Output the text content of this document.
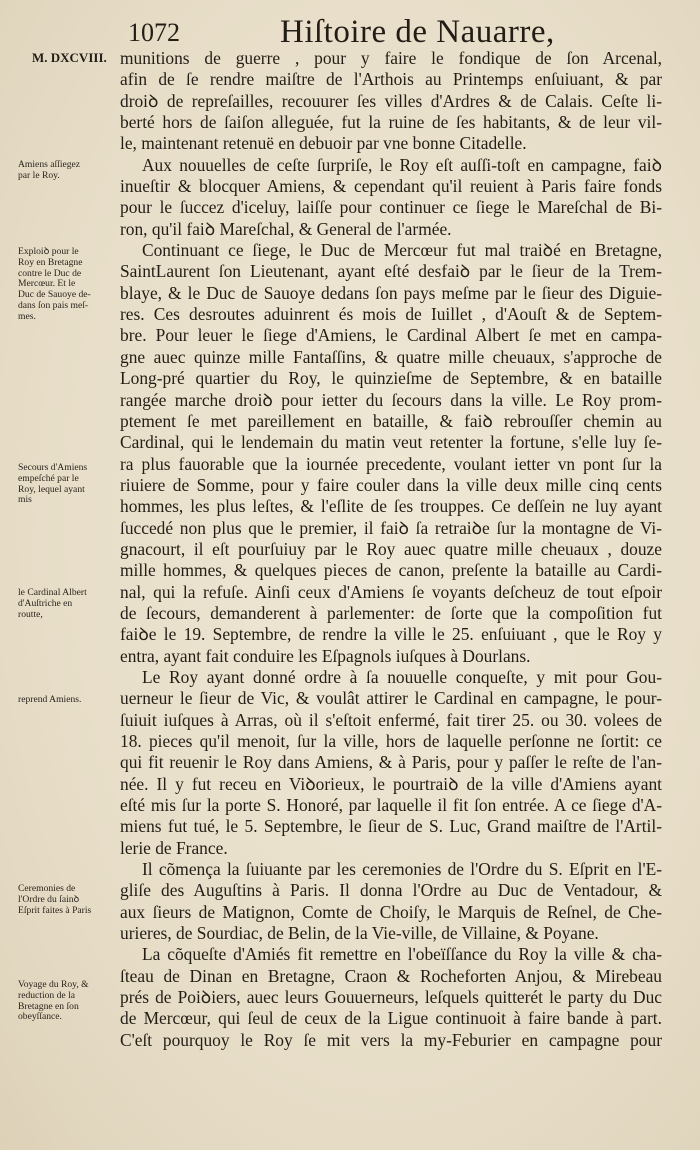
1072	Hiſtoire de Nauarre,
M. DXCVIII.
Amiens aſſiegez
par le Roy.
Exploiꝺ pour le
Roy en Bretagne
contre le Duc de
Mercœur. Et le
Duc de Sauoye de-
dans ſon pais meſ-
mes.
Secours d'Amiens
empeſché par le
Roy, lequel ayant
mis
le Cardinal Albert
d'Auſtriche en
routte,
reprend Amiens.
Ceremonies de
l'Ordre du ſainꝺ
Eſprit faites à Paris
Voyage du Roy, &
reduction de la
Bretagne en ſon
obeyſſance.
munitions de guerre , pour y faire le fondique de ſon Arcenal,
afin de ſe rendre maiſtre de l'Arthois au Printemps enſuiuant, & par
droiꝺ de repreſailles, recouurer ſes villes d'Ardres & de Calais. Ceſte li-
berté hors de ſaiſon alleguée, fut la ruine de ſes habitants, & de leur vil-
le, maintenant retenuë en debuoir par vne bonne Citadelle.
Aux nouuelles de ceſte ſurpriſe, le Roy eſt auſſi-toſt en campagne, faiꝺ
inueſtir & blocquer Amiens, & cependant qu'il reuient à Paris faire fonds
pour le ſuccez d'iceluy, laiſſe pour continuer ce ſiege le Mareſchal de Bi-
ron, qu'il faiꝺ Mareſchal, & General de l'armée.
Continuant ce ſiege, le Duc de Mercœur fut mal traiꝺé en Bretagne,
SaintLaurent ſon Lieutenant, ayant eſté desfaiꝺ par le ſieur de la Trem-
blaye, & le Duc de Sauoye dedans ſon pays meſme par le ſieur des Diguie-
res. Ces desroutes aduinrent és mois de Iuillet , d'Aouſt & de Septem-
bre. Pour leuer le ſiege d'Amiens, le Cardinal Albert ſe met en campa-
gne auec quinze mille Fantaſſins, & quatre mille cheuaux, s'approche de
Long-pré quartier du Roy, le quinzieſme de Septembre, & en bataille
rangée marche droiꝺ pour ietter du ſecours dans la ville. Le Roy prom-
ptement ſe met pareillement en bataille, & faiꝺ rebrouſſer chemin au
Cardinal, qui le lendemain du matin veut retenter la fortune, s'elle luy ſe-
ra plus fauorable que la iournée precedente, voulant ietter vn pont ſur la
riuiere de Somme, pour y faire couler dans la ville deux mille cinq cents
hommes, les plus leſtes, & l'eſlite de ſes trouppes. Ce deſſein ne luy ayant
ſuccedé non plus que le premier, il faiꝺ ſa retraiꝺe ſur la montagne de Vi-
gnacourt, il eſt pourſuiuy par le Roy auec quatre mille cheuaux , douze
mille hommes, & quelques pieces de canon, preſente la bataille au Cardi-
nal, qui la refuſe. Ainſi ceux d'Amiens ſe voyants deſcheuz de tout eſpoir
de ſecours, demanderent à parlementer: de ſorte que la compoſition fut
faiꝺe le 19. Septembre, de rendre la ville le 25. enſuiuant , que le Roy y
entra, ayant fait conduire les Eſpagnols iuſques à Dourlans.
Le Roy ayant donné ordre à ſa nouuelle conqueſte, y mit pour Gou-
uerneur le ſieur de Vic, & voulât attirer le Cardinal en campagne, le pour-
ſuiuit iuſques à Arras, où il s'eſtoit enfermé, fait tirer 25. ou 30. volees de
18. pieces qu'il menoit, ſur la ville, hors de laquelle perſonne ne ſortit: ce
qui fit reuenir le Roy dans Amiens, & à Paris, pour y paſſer le reſte de l'an-
née. Il y fut receu en Viꝺorieux, le pourtraiꝺ de la ville d'Amiens ayant
eſté mis ſur la porte S. Honoré, par laquelle il fit ſon entrée. A ce ſiege d'A-
miens fut tué, le 5. Septembre, le ſieur de S. Luc, Grand maiſtre de l'Artil-
lerie de France.
Il cõmença la ſuiuante par les ceremonies de l'Ordre du S. Eſprit en l'E-
gliſe des Auguſtins à Paris. Il donna l'Ordre au Duc de Ventadour, &
aux ſieurs de Matignon, Comte de Choiſy, le Marquis de Reſnel, de Che-
urieres, de Sourdiac, de Belin, de la Vie-ville, de Villaine, & Poyane.
La cõqueſte d'Amiés fit remettre en l'obeïſſance du Roy la ville & cha-
ſteau de Dinan en Bretagne, Craon & Rocheforten Anjou, & Mirebeau
prés de Poiꝺiers, auec leurs Gouuerneurs, leſquels quitterét le party du Duc
de Mercœur, qui ſeul de ceux de la Ligue continuoit à faire bande à part.
C'eſt pourquoy le Roy ſe mit vers la my-Feburier en campagne pour
